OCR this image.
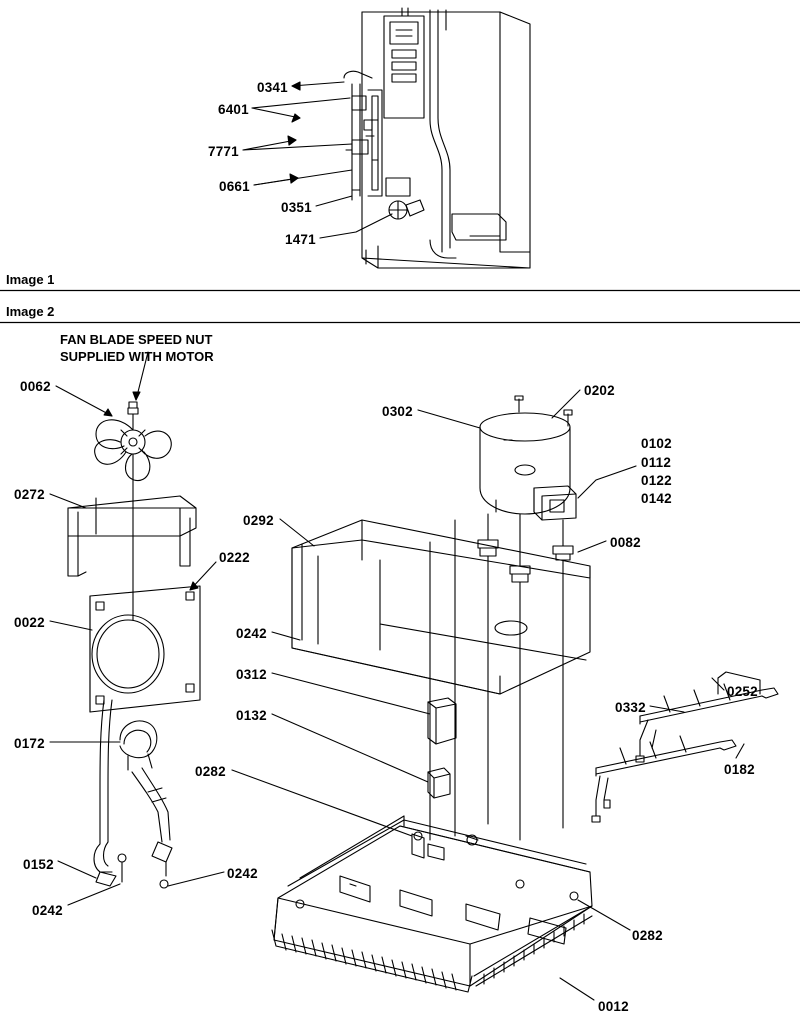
Image 1
Image 2
FAN BLADE SPEED NUT
SUPPLIED WITH MOTOR
0341
6401
7771
0661
0351
1471
0062
0272
0022
0222
0172
0152
0242
0242
0292
0242
0312
0132
0282
0302
0202
0102
0112
0122
0142
0082
0252
0332
0182
0282
0012
